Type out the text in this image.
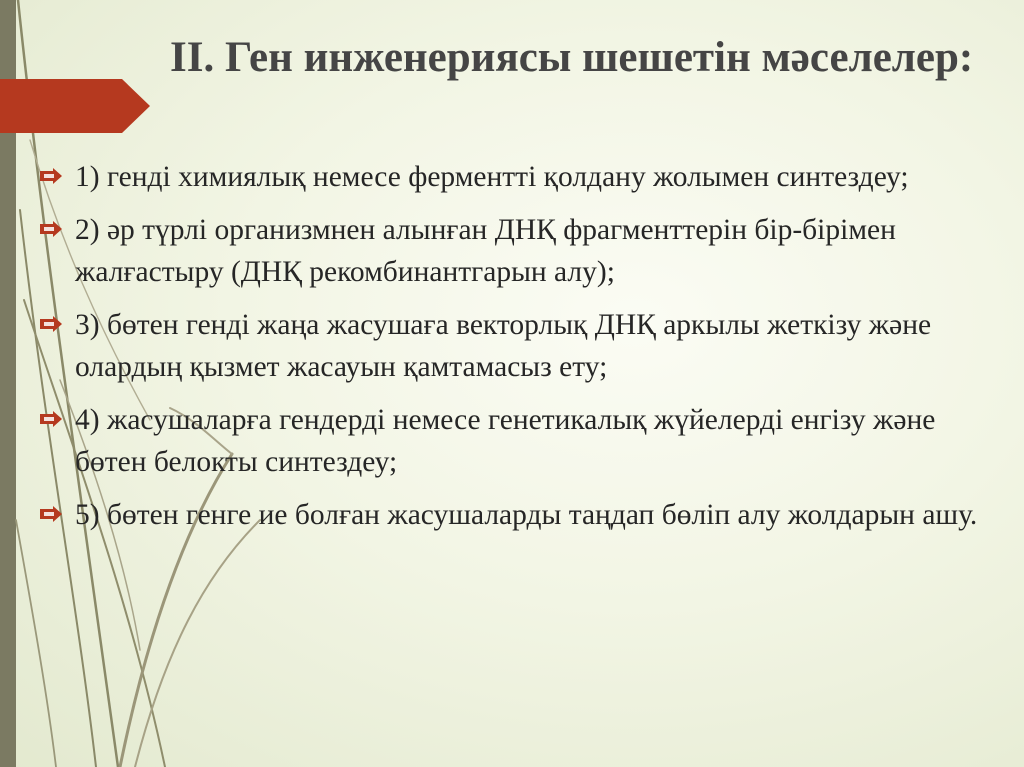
II. Ген инженериясы шешетін мәселелер:
1) гендi химиялық немесе ферменттi қолдану жолымен синтездеу;
2) әр түрлi организмнен алынған ДНҚ фрагменттерiн бiр-бiрiмен жалғастыру (ДНҚ рекомбинантгарын алу);
3) бөтен гендi жаңа жасушаға векторлық ДНҚ аркылы жеткiзу және олардың қызмет жасауын қамтамасыз ету;
4) жасушаларға гендердi немесе генетикалық жүйелердi енгiзу және бөтен белокты синтездеу;
5) бөтен генге ие болған жасушаларды таңдап бөлiп алу жолдарын ашу.
